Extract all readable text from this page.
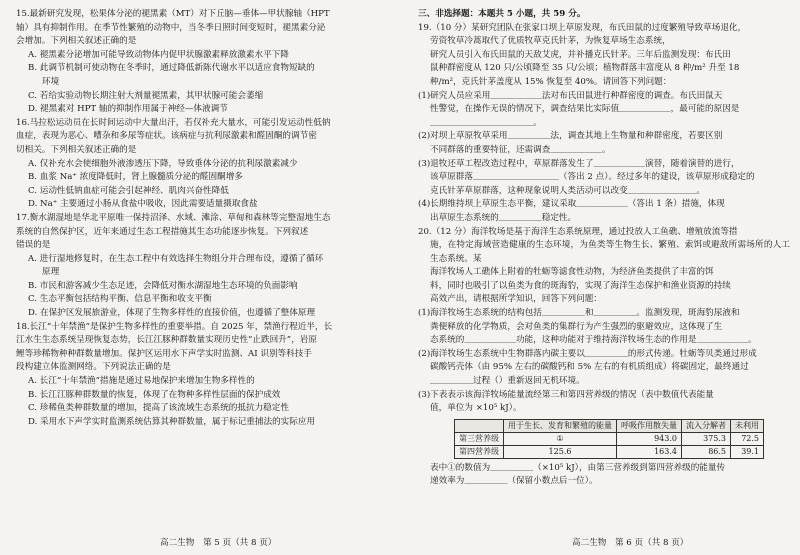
15.最新研究发现，松果体分泌的褪黑素（MT）对下丘脑—垂体—甲状腺轴（HPT

轴）具有抑制作用。在季节性繁殖的动物中，当冬季日照时间变短时，褪黑素分泌

会增加。下列相关叙述正确的是

A. 褪黑素分泌增加可能导致动物体内促甲状腺激素释放激素水平下降

B. 此调节机制可使动物在冬季时，通过降低新陈代谢水平以适应食物短缺的

环境

C. 若给实验动物长期注射大剂量褪黑素，其甲状腺可能会萎缩

D. 褪黑素对 HPT 轴的抑制作用属于神经—体液调节

16.马拉松运动员在长时间运动中大量出汗，若仅补充大量水，可能引发运动性低钠

血症，表现为恶心、嘈杂和多尿等症状。该病症与抗利尿激素和醛固酮的调节密

切相关。下列相关叙述正确的是

A. 仅补充水会使细胞外液渗透压下降，导致垂体分泌的抗利尿激素减少

B. 血浆 Na⁺ 浓度降低时，肾上腺髓质分泌的醛固酮增多

C. 运动性低钠血症可能会引起神经、肌肉兴奋性降低

D. Na⁺ 主要通过小肠从食盐中吸收，因此需要适量摄取食盐

17.衡水湖湿地是华北平原唯一保持沼泽、水域、滩涂、草甸和森林等完整湿地生态

系统的自然保护区，近年来通过生态工程措施其生态功能逐步恢复。下列叙述

错误的是

A. 进行湿地修复时，在生态工程中有效选择生物组分并合理布设，遵循了循环

原理

B. 市民和游客减少生态足迹，会降低对衡水湖湿地生态环境的负面影响

C. 生态平衡包括结构平衡、信息平衡和收支平衡

D. 在保护区发展旅游业，体现了生物多样性的直接价值，也遵循了整体原理

18.长江“十年禁渔”是保护生物多样性的重要举措。自 2025 年，禁渔行程近半，长

江水生生态系统呈现恢复态势，长江江豚种群数量实现历史性“止跌回升”，岩原

鲤等珍稀物种种群数量增加。保护区运用水下声学实时监测、AI 识别等科技手

段构建立体监测网络。下列说法正确的是

A. 长江“十年禁渔”措施是通过易地保护来增加生物多样性的

B. 长江江豚种群数量的恢复，体现了在物种多样性层面的保护成效

C. 珍稀鱼类种群数量的增加，提高了该流域生态系统的抵抗力稳定性

D. 采用水下声学实时监测系统估算其种群数量，属于标记重捕法的实际应用

三、非选择题：本题共 5 小题，共 59 分。

19.（10 分）某研究团队在张家口坝上草原发现，布氏田鼠的过度繁殖导致草场退化，

劳资牧草冷蒿取代了优质牧草克氏针茅，为恢复草场生态系统，

研究人员引入布氏田鼠的天敌艾虎，并补播克氏针茅。三年后监测发现：布氏田

鼠种群密度从 120 只/公顷降至 35 只/公顷；植物群落丰富度从 8 种/m² 升至 18

种/m²，克氏针茅盖度从 15% 恢复至 40%。请回答下列问题：

(1)研究人员应采用＿＿＿＿＿＿法对布氏田鼠进行种群密度的调查。布氏田鼠天

性警觉，在操作无误的情况下，调查结果比实际值＿＿＿＿＿＿，最可能的原因是

＿＿＿＿＿＿＿＿＿＿＿＿。

(2)对坝上草原牧草采用＿＿＿＿＿法，调查其地上生物量和种群密度，若要区别

不同群落的重要特征，还需调查＿＿＿＿＿＿。

(3)退牧还草工程改造过程中，草原群落发生了＿＿＿＿＿＿演替，随着演替的进行，

该草原群落＿＿＿＿＿＿＿＿＿＿（答出 2 点）。经过多年的建设，该草原形成稳定的

克氏针茅草原群落，这种现象说明人类活动可以改变＿＿＿＿＿＿＿＿。

(4)长期维持坝上草原生态平衡，建议采取＿＿＿＿＿＿（答出 1 条）措施，体现

出草原生态系统的＿＿＿＿＿稳定性。

20.（12 分）海洋牧场是基于海洋生态系统原理，通过投放人工鱼礁、增殖放流等措

施，在特定海域营造健康的生态环境，为鱼类等生物生长、繁殖、索饵或避敌所需场所的人工生态系统。某

海洋牧场人工礁体上附着的牡蛎等滤食性动物，为经济鱼类提供了丰富的饵

料，同时也吸引了以鱼类为食的斑海豹，实现了海洋生态保护和渔业资源的持续

高效产出，请根据所学知识，回答下列问题：

(1)海洋牧场生态系统的结构包括＿＿＿＿＿和＿＿＿＿＿。监测发现，斑海豹尿液和

粪便释放的化学物质，会对鱼类的集群行为产生强烈的驱避效应，这体现了生

态系统的＿＿＿＿＿＿功能，这种功能对于维持海洋牧场生态的作用是＿＿＿＿＿＿。

(2)海洋牧场生态系统中生物群落内碳主要以＿＿＿＿＿的形式传递。牡蛎等贝类通过形成

碳酸钙壳体（由 95% 左右的碳酸钙和 5% 左右的有机质组成）将碳固定，最终通过

＿＿＿＿＿过程（）重新返回无机环境。

(3)下表表示该海洋牧场能量流经第三和第四营养级的情况（表中数值代表能量

值，单位为 ×10⁵ kJ）。

	用于生长、发育和繁殖的能量	呼吸作用散失量	流入分解者	未利用
第三营养级	①	943.0	375.3	72.5
第四营养级	125.6	163.4	86.5	39.1

表中①的数值为＿＿＿＿＿（×10⁵ kJ），由第三营养级到第四营养级的能量传

递效率为＿＿＿＿＿（保留小数点后一位）。

高二生物　第 5 页（共 8 页）	高二生物　第 6 页（共 8 页）
